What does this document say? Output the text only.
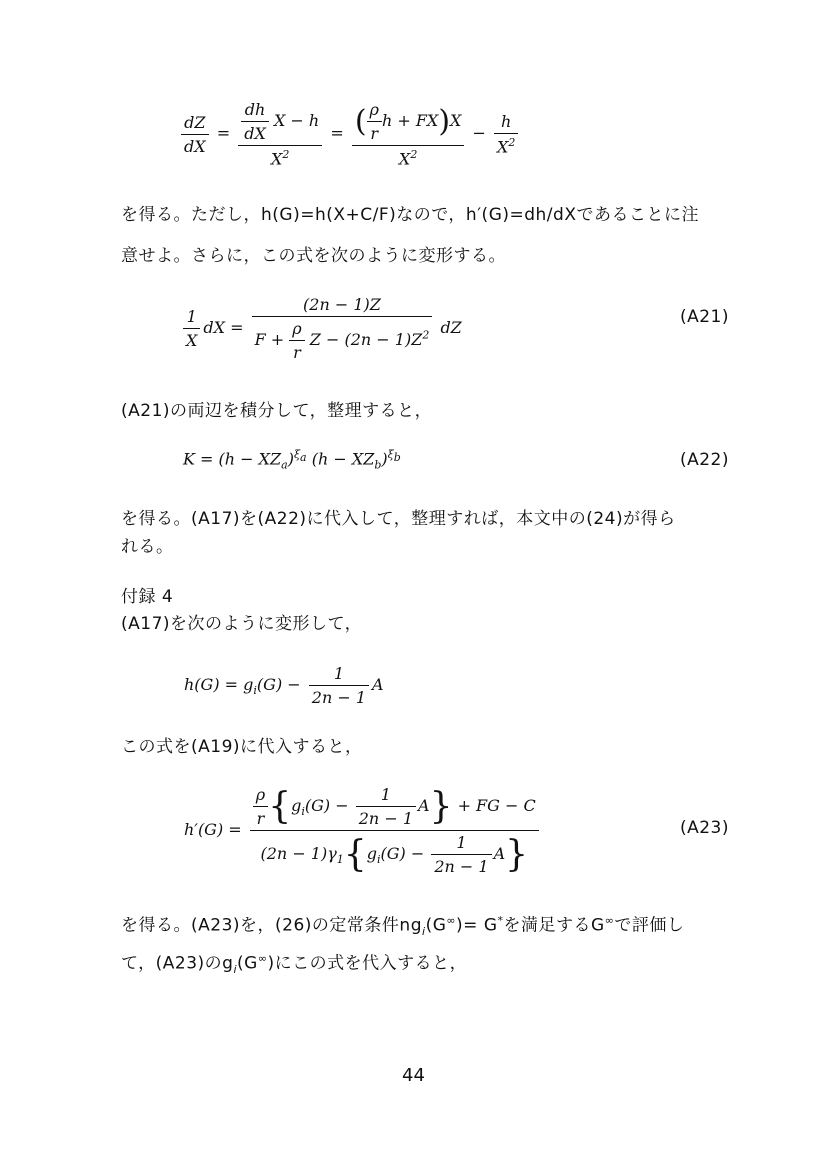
$\frac{dZ}{dX} = \frac{\frac{dh}{dX} X - h}{X^2} = \frac{( \frac{\rho}{r} h + FX)X}{X^2} - \frac{h}{X^2}$
を得る。ただし，h(G)=h(X+C/F)なので，h′(G)=dh/dXであることに注
意せよ。さらに，この式を次のように変形する。
$\frac{1}{X}$ dX = $\frac{(2n - 1)Z}{F + \frac{\rho}{r} Z - (2n - 1)Z^2}$ dZ
(A21)
(A21)の両辺を積分して，整理すると，
$K = (h - XZ_a)^{\xi_a}$ $(h - XZ_b)^{\xi_b}$	(A22)
を得る。(A17)を(A22)に代入して，整理すれば，本文中の(24)が得ら
れる。
付録 4
(A17)を次のように変形して，
$h(G) = g_i(G) - \frac{1}{2n - 1}$ A
この式を(A19)に代入すると，
$h'(G) = \frac{\frac{\rho}{r} \{g_i(G) - \frac{1}{2n - 1} A\} + FG - C}{(2n - 1)\gamma_1\{g_i(G) - \frac{1}{2n - 1} A\}}$	(A23)
を得る。(A23)を，(26)の定常条件$ng_i(G^\infty)= G^*$を満足するG∞で評価し
て，(A23)の$g_i(G^\infty)$にこの式を代入すると，
44
